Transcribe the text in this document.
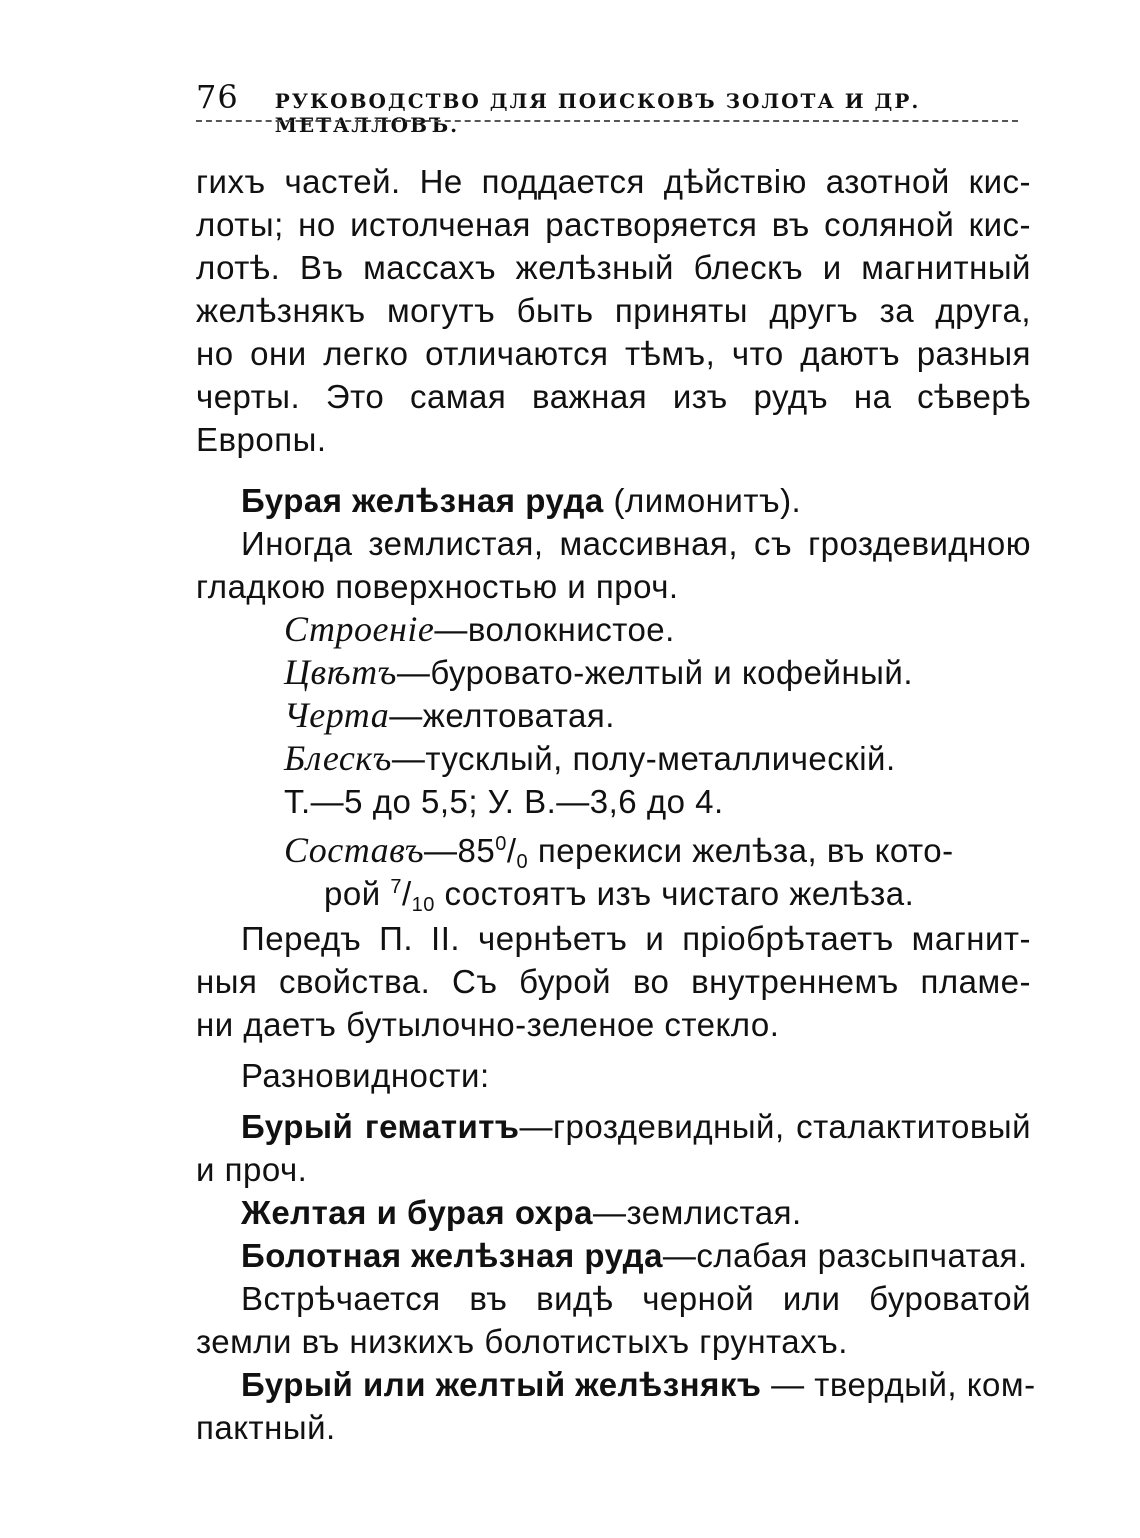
76 РУКОВОДСТВО ДЛЯ ПОИСКОВЪ ЗОЛОТА И ДР. МЕТАЛЛОВЪ.
гихъ частей. Не поддается дѣйствiю азотной кис-
лоты; но истолченая растворяется въ соляной кис-
лотѣ. Въ массахъ желѣзный блескъ и магнитный
желѣзнякъ могутъ быть приняты другъ за друга,
но они легко отличаются тѣмъ, что даютъ разныя
черты. Это самая важная изъ рудъ на сѣверѣ
Европы.
Бурая желѣзная руда (лимонитъ).
Иногда землистая, массивная, съ гроздевидною
гладкою поверхностью и проч.
Строенiе—волокнистое.
Цвѣтъ—буровато-желтый и кофейный.
Черта—желтоватая.
Блескъ—тусклый, полу-металлическiй.
Т.—5 до 5,5; У. В.—3,6 до 4.
$Составъ—85^0/_0$ перекиси желѣза, въ кото-
рой $^7/_{10}$ состоятъ изъ чистаго желѣза.
Передъ П. II. чернѣетъ и прiобрѣтаетъ магнит-
ныя свойства. Съ бурой во внутреннемъ пламе-
ни даетъ бутылочно-зеленое стекло.
Разновидности:
Бурый гематитъ—гроздевидный, сталактитовый
и проч.
Желтая и бурая охра—землистая.
Болотная желѣзная руда—слабая разсыпчатая.
Встрѣчается въ видѣ черной или буроватой
земли въ низкихъ болотистыхъ грунтахъ.
Бурый или желтый желѣзнякъ — твердый, ком-
пактный.
